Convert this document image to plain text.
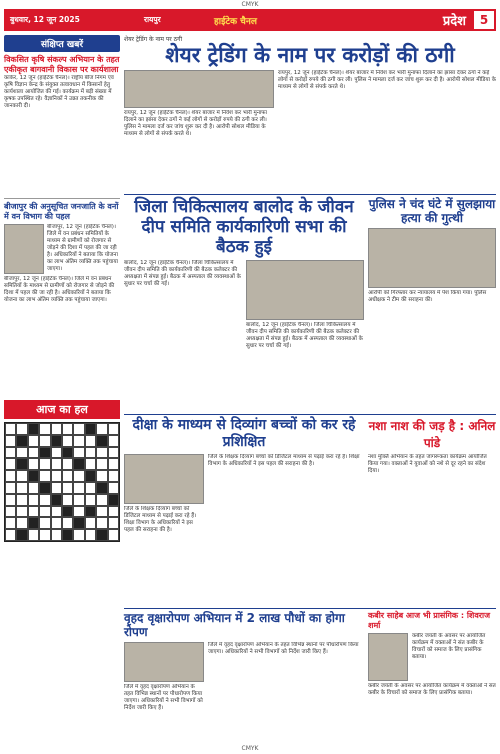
CMYK
बुधवार, 12 जून 2025	रायपुर	हाईटेक चैनल	प्रदेश	5
संक्षिप्त खबरें
विकसित कृषि संकल्प अभियान के तहत एकीकृत बागवानी विकास पर कार्यशाला
कांकेर, 12 जून (हाईटेक चैनल)। राष्ट्रीय बीज निगम एवं कृषि विज्ञान केन्द्र के संयुक्त तत्वावधान में किसानों हेतु कार्यशाला आयोजित की गई। कार्यक्रम में बड़ी संख्या में कृषक उपस्थित रहे। वैज्ञानिकों ने उन्नत तकनीक की जानकारी दी।
बीजापुर की अनुसूचित जनजाति के वनों में वन विभाग की पहल
बीजापुर, 12 जून (हाईटेक चैनल)। जिले में वन प्रबंधन समितियों के माध्यम से ग्रामीणों को रोजगार से जोड़ने की दिशा में पहल की जा रही है। अधिकारियों ने बताया कि योजना का लाभ अंतिम व्यक्ति तक पहुंचाया जाएगा।
बीजापुर, 12 जून (हाईटेक चैनल)। जिले में वन प्रबंधन समितियों के माध्यम से ग्रामीणों को रोजगार से जोड़ने की दिशा में पहल की जा रही है। अधिकारियों ने बताया कि योजना का लाभ अंतिम व्यक्ति तक पहुंचाया जाएगा।
आज का हल
शेयर ट्रेडिंग के नाम पर ठगी
शेयर ट्रेडिंग के नाम पर करोड़ों की ठगी
रायपुर, 12 जून (हाईटेक चैनल)। शेयर बाजार में निवेश कर भारी मुनाफा दिलाने का झांसा देकर ठगों ने कई लोगों से करोड़ों रुपये की ठगी कर ली। पुलिस ने मामला दर्ज कर जांच शुरू कर दी है। आरोपी सोशल मीडिया के माध्यम से लोगों से संपर्क करते थे।
रायपुर, 12 जून (हाईटेक चैनल)। शेयर बाजार में निवेश कर भारी मुनाफा दिलाने का झांसा देकर ठगों ने कई लोगों से करोड़ों रुपये की ठगी कर ली। पुलिस ने मामला दर्ज कर जांच शुरू कर दी है। आरोपी सोशल मीडिया के माध्यम से लोगों से संपर्क करते थे।
जिला चिकित्सालय बालोद के जीवन दीप समिति कार्यकारिणी सभा की बैठक हुई
बालोद, 12 जून (हाईटेक चैनल)। जिला चिकित्सालय में जीवन दीप समिति की कार्यकारिणी की बैठक कलेक्टर की अध्यक्षता में संपन्न हुई। बैठक में अस्पताल की व्यवस्थाओं के सुधार पर चर्चा की गई।
बालोद, 12 जून (हाईटेक चैनल)। जिला चिकित्सालय में जीवन दीप समिति की कार्यकारिणी की बैठक कलेक्टर की अध्यक्षता में संपन्न हुई। बैठक में अस्पताल की व्यवस्थाओं के सुधार पर चर्चा की गई।
पुलिस ने चंद घंटे में सुलझाया हत्या की गुत्थी
आरोपी को गिरफ्तार कर न्यायालय में पेश किया गया। पुलिस अधीक्षक ने टीम की सराहना की।
दीक्षा के माध्यम से दिव्यांग बच्चों को कर रहे प्रशिक्षित
जिले के शिक्षक दिव्यांग बच्चों को डिजिटल माध्यम से पढ़ाई करा रहे हैं। शिक्षा विभाग के अधिकारियों ने इस पहल की सराहना की है।
जिले के शिक्षक दिव्यांग बच्चों को डिजिटल माध्यम से पढ़ाई करा रहे हैं। शिक्षा विभाग के अधिकारियों ने इस पहल की सराहना की है।
नशा नाश की जड़ है : अनिल पांडे
नशा मुक्ति अभियान के तहत जागरूकता कार्यक्रम आयोजित किया गया। वक्ताओं ने युवाओं को नशे से दूर रहने का संदेश दिया।
वृहद वृक्षारोपण अभियान में 2 लाख पौधों का होगा रोपण
जिले में वृहद वृक्षारोपण अभियान के तहत विभिन्न स्थानों पर पौधारोपण किया जाएगा। अधिकारियों ने सभी विभागों को निर्देश जारी किए हैं।
जिले में वृहद वृक्षारोपण अभियान के तहत विभिन्न स्थानों पर पौधारोपण किया जाएगा। अधिकारियों ने सभी विभागों को निर्देश जारी किए हैं।
कबीर साहेब आज भी प्रासंगिक : शिवराज शर्मा
कबीर जयंती के अवसर पर आयोजित कार्यक्रम में वक्ताओं ने संत कबीर के विचारों को समाज के लिए प्रासंगिक बताया।
कबीर जयंती के अवसर पर आयोजित कार्यक्रम में वक्ताओं ने संत कबीर के विचारों को समाज के लिए प्रासंगिक बताया।
CMYK
